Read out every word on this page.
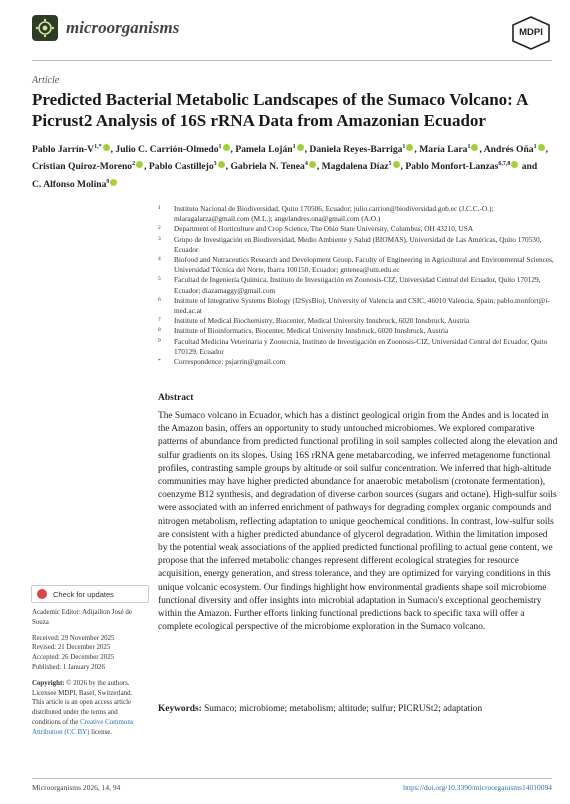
microorganisms	MDPI
Article
Predicted Bacterial Metabolic Landscapes of the Sumaco Volcano: A Picrust2 Analysis of 16S rRNA Data from Amazonian Ecuador
Pablo Jarrín-$V^{1,*}$ , Julio C. Carrión-Olmedo$^1$ , Pamela Loján$^1$ , Daniela Reyes-Barriga$^1$ , María Lara$^1$ , Andrés Oña$^1$ , Cristian Quiroz-Moreno$^2$ , Pablo Castillejo$^3$ , Gabriela N. Tenea$^4$ , Magdalena Díaz$^5$ , Pablo Monfort-Lanzas$^{6,7,8}$ and C. Alfonso Molina$^9$
1	Instituto Nacional de Biodiversidad, Quito 170506, Ecuador; julio.carrion@biodiversidad.gob.ec (J.C.C.-O.); mlaragalarza@gmail.com (M.L.); angelandres.ona@gmail.com (A.O.)
2	Department of Horticulture and Crop Science, The Ohio State University, Columbus, OH 43210, USA
3	Grupo de Investigación en Biodiversidad, Medio Ambiente y Salud (BIOMAS), Universidad de Las Américas, Quito 170530, Ecuador
4	Biofood and Nutraceutics Research and Development Group, Faculty of Engineering in Agricultural and Environmental Sciences, Universidad Técnica del Norte, Ibarra 100150, Ecuador; gntenea@utn.edu.ec
5	Facultad de Ingeniería Química, Instituto de Investigación en Zoonosis-CIZ, Universidad Central del Ecuador, Quito 170129, Ecuador; diazamaggy@gmail.com
6	Institute of Integrative Systems Biology (I2SysBio), University of Valencia and CSIC, 46010 Valencia, Spain; pablo.monfort@i-med.ac.at
7	Institute of Medical Biochemistry, Biocenter, Medical University Innsbruck, 6020 Innsbruck, Austria
8	Institute of Bioinformatics, Biocenter, Medical University Innsbruck, 6020 Innsbruck, Austria
9	Facultad Medicina Veterinaria y Zootecnia, Instituto de Investigación en Zoonosis-CIZ, Universidad Central del Ecuador, Quito 170129, Ecuador
*	Correspondence: psjarrin@gmail.com
Abstract
The Sumaco volcano in Ecuador, which has a distinct geological origin from the Andes and is located in the Amazon basin, offers an opportunity to study untouched microbiomes. We explored comparative patterns of abundance from predicted functional profiling in soil samples collected along the elevation and sulfur gradients on its slopes. Using 16S rRNA gene metabarcoding, we inferred metagenome functional profiles, contrasting sample groups by altitude or soil sulfur concentration. We inferred that high-altitude communities may have higher predicted abundance for anaerobic metabolism (crotonate fermentation), coenzyme B12 synthesis, and degradation of diverse carbon sources (sugars and octane). High-sulfur soils were associated with an inferred enrichment of pathways for degrading complex organic compounds and nitrogen metabolism, reflecting adaptation to unique geochemical conditions. In contrast, low-sulfur soils are consistent with a higher predicted abundance of glycerol degradation. Within the limitation imposed by the potential weak associations of the applied predicted functional profiling to actual gene content, we propose that the inferred metabolic changes represent different ecological strategies for resource acquisition, energy generation, and stress tolerance, and they are optimized for varying conditions in this unique volcanic ecosystem. Our findings highlight how environmental gradients shape soil microbiome functional diversity and offer insights into microbial adaptation in Sumaco's exceptional geochemistry within the Amazon. Further efforts linking functional predictions back to specific taxa will offer a complete ecological perspective of the microbiome exploration in the Sumaco volcano.
Keywords: Sumaco; microbiome; metabolism; altitude; sulfur; PICRUSt2; adaptation
Check for updates

Academic Editor: Adijailton José de Souza

Received: 29 November 2025

Revised: 21 December 2025

Accepted: 26 December 2025

Published: 1 January 2026

Copyright: © 2026 by the authors. Licensee MDPI, Basel, Switzerland. This article is an open access article distributed under the terms and conditions of the Creative Commons Attribution (CC BY) license.

Microorganisms 2026, 14, 94	https://doi.org/10.3390/microorganisms14010094
